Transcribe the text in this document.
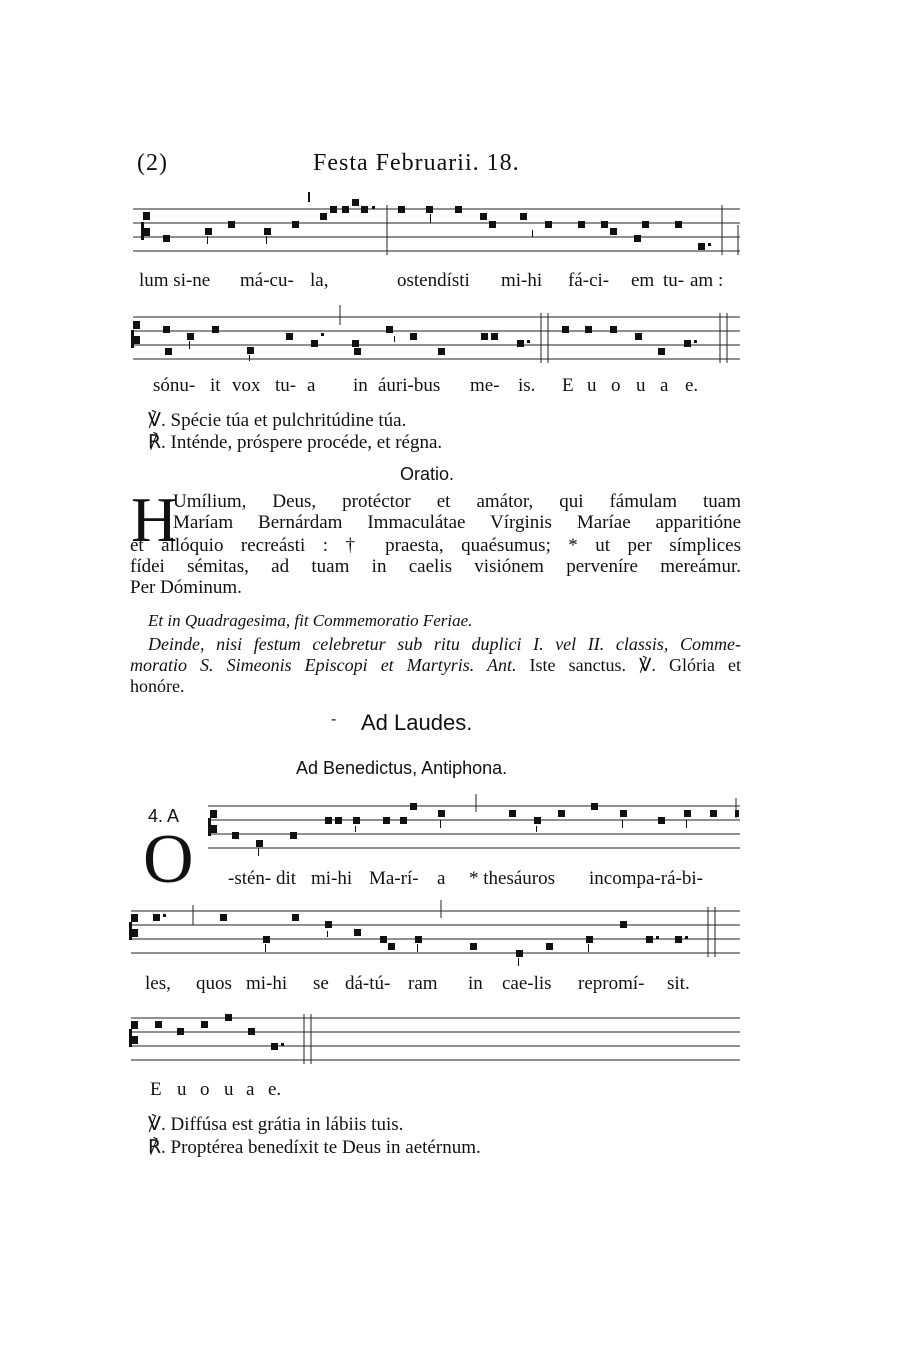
(2)	Festa Februarii. 18.
lum si-ne má-cu- la,	ostendísti mi-hi fá-ci- em tu- am :
sónu- it vox tu- a in áuri-bus me- is. E u o u a e.
℣. Spécie túa et pulchritúdine túa.
℟. Inténde, próspere procéde, et régna.
Oratio.
H
Umílium, Deus, protéctor et amátor, qui fámulam tuam
Maríam Bernárdam Immaculátae Vírginis Maríae apparitióne
et allóquio recreásti : † praesta, quaésumus; * ut per símplices
fídei sémitas, ad tuam in caelis visiónem perveníre mereámur.
Per Dóminum.
Et in Quadragesima, fit Commemoratio Feriae.
Deinde, nisi festum celebretur sub ritu duplici I. vel II. classis, Comme-
moratio S. Simeonis Episcopi et Martyris. Ant. Iste sanctus. ℣. Glória et
honóre.
- Ad Laudes.
Ad Benedictus, Antiphona.
4. A
O -stén- dit mi-hi Ma-rí- a * thesáuros incompa-rá-bi-
les, quos mi-hi se dá-tú- ram in cae-lis repromí- sit.
E u o u a e.
℣. Diffúsa est grátia in lábiis tuis.
℟. Proptérea benedíxit te Deus in aetérnum.
